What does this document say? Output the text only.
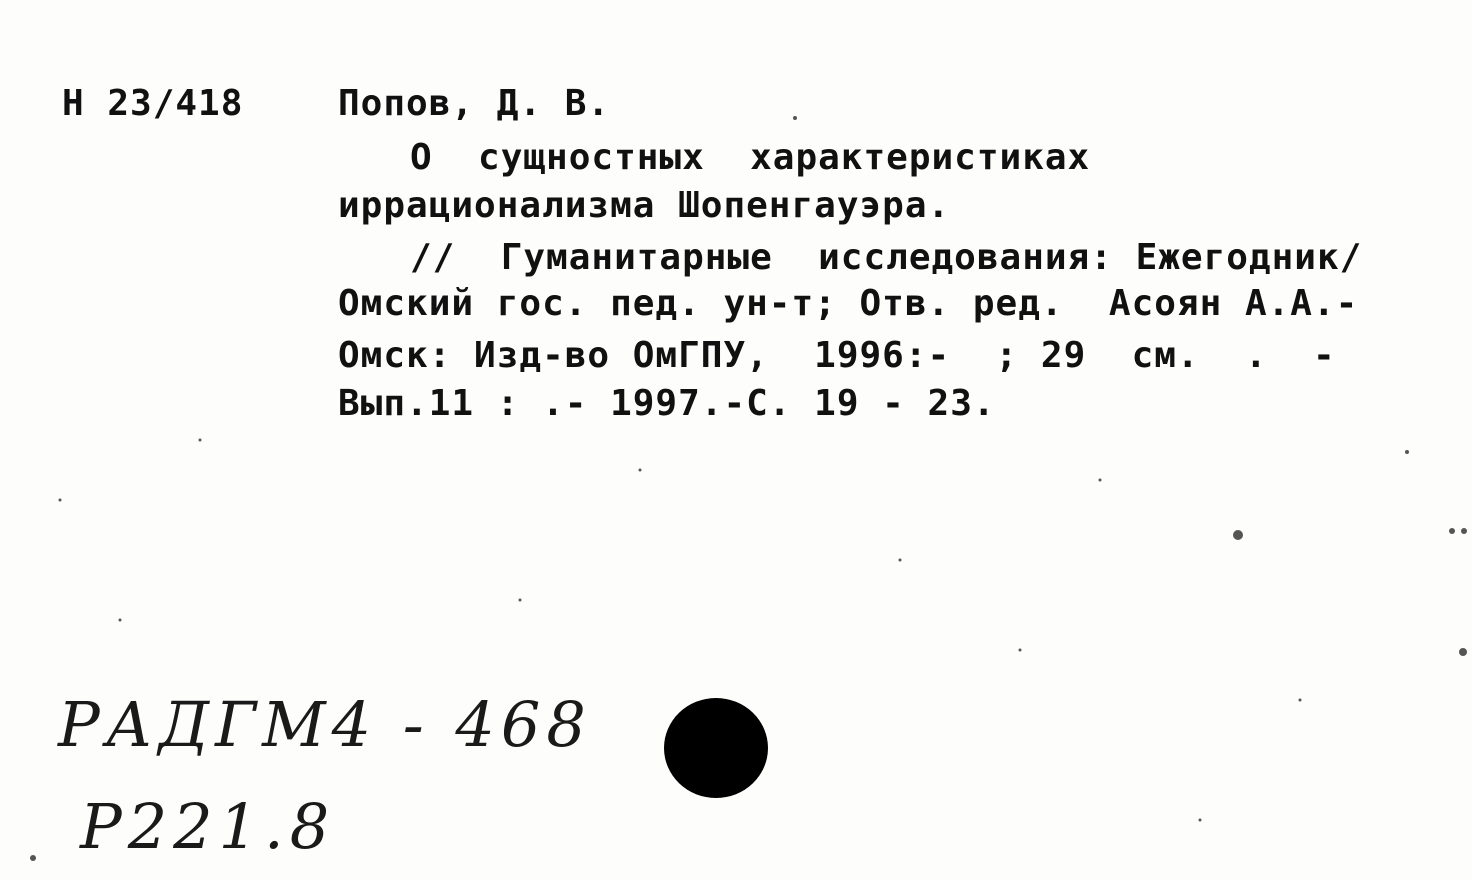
Н 23/418	Попов, Д. В.
О  сущностных  характеристиках
иррационализма Шопенгауэра.
//  Гуманитарные  исследования: Ежегодник/
Омский гос. пед. ун-т; Отв. ред.  Асоян А.А.-
Омск: Изд-во ОмГПУ,  1996:-  ; 29  см.  .  -
Вып.11 : .- 1997.-С. 19 - 23.
РАДГМ4 - 468
Р221.8
